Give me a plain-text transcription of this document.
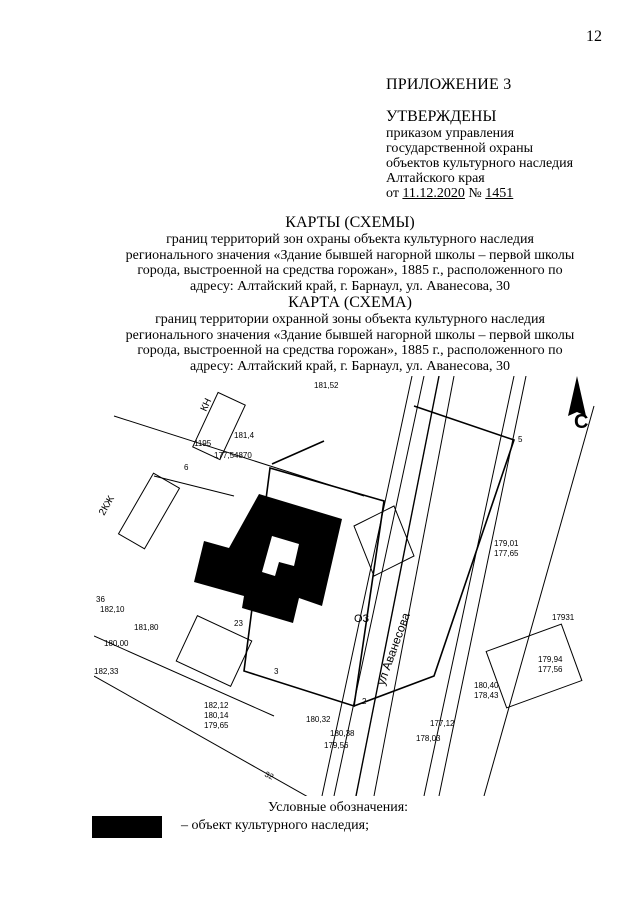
12
ПРИЛОЖЕНИЕ 3
УТВЕРЖДЕНЫ
приказом управления
государственной охраны
объектов культурного наследия
Алтайского края
от 11.12.2020 № 1451
КАРТЫ (СХЕМЫ)
границ территорий зон охраны объекта культурного наследия
регионального значения «Здание бывшей нагорной школы – первой школы
города, выстроенной на средства горожан», 1885 г., расположенного по
адресу: Алтайский край, г. Барнаул, ул. Аванесова, 30
КАРТА (СХЕМА)
границ территории охранной зоны объекта культурного наследия
регионального значения «Здание бывшей нагорной школы – первой школы
города, выстроенной на средства горожан», 1885 г., расположенного по
адресу: Алтайский край, г. Барнаул, ул. Аванесова, 30
181,52
1195
181,4
177,54870
23
182,10
180,00
182,33
179,94
177,56
179,01
177,65
17931
180,40
178,43
177,12
178,03
180,38
179,56
180,32
181,80
182,12
180,14
179,65
КН
2КЖ
36
32
5
6
3
2
ул Аванесова
ОЗ
С
Условные обозначения:
– объект культурного наследия;
